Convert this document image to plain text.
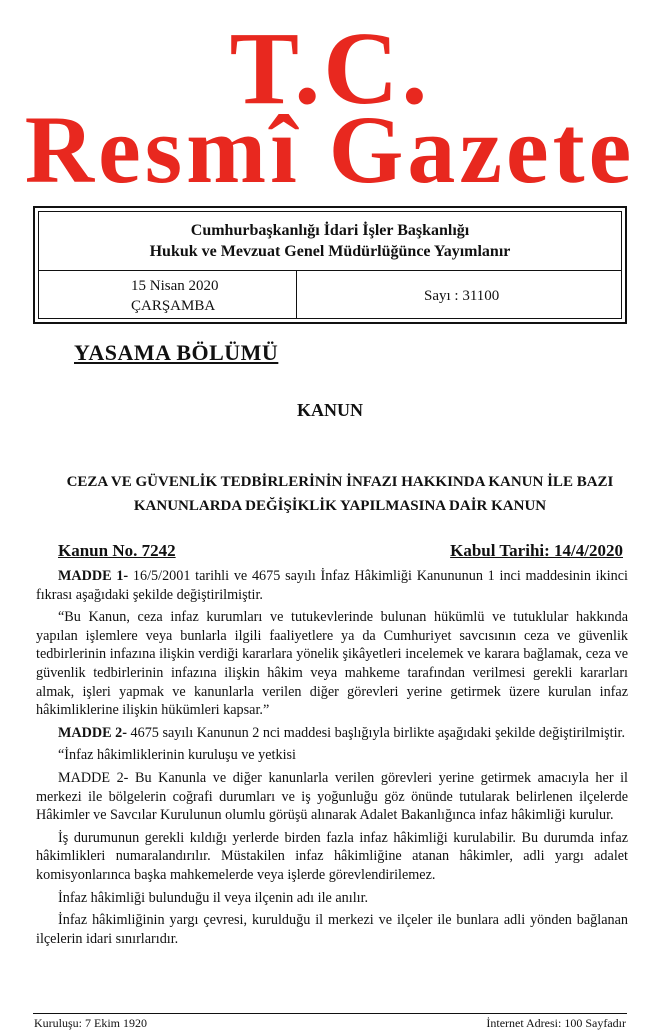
T.C.
Resmî Gazete
Cumhurbaşkanlığı İdari İşler Başkanlığı
Hukuk ve Mevzuat Genel Müdürlüğünce Yayımlanır
15 Nisan 2020
ÇARŞAMBA
Sayı : 31100
YASAMA BÖLÜMÜ
KANUN
CEZA VE GÜVENLİK TEDBİRLERİNİN İNFAZI HAKKINDA KANUN İLE BAZI
KANUNLARDA DEĞİŞİKLİK YAPILMASINA DAİR KANUN
Kanun No. 7242	Kabul Tarihi: 14/4/2020

MADDE 1- 16/5/2001 tarihli ve 4675 sayılı İnfaz Hâkimliği Kanununun 1 inci maddesinin ikinci fıkrası aşağıdaki şekilde değiştirilmiştir.

“Bu Kanun, ceza infaz kurumları ve tutukevlerinde bulunan hükümlü ve tutuklular hakkında yapılan işlemlere veya bunlarla ilgili faaliyetlere ya da Cumhuriyet savcısının ceza ve güvenlik tedbirlerinin infazına ilişkin verdiği kararlara yönelik şikâyetleri incelemek ve karara bağlamak, ceza ve güvenlik tedbirlerinin infazına ilişkin hâkim veya mahkeme tarafından verilmesi gerekli kararları almak, işleri yapmak ve kanunlarla verilen diğer görevleri yerine getirmek üzere kurulan infaz hâkimliklerine ilişkin hükümleri kapsar.”

MADDE 2- 4675 sayılı Kanunun 2 nci maddesi başlığıyla birlikte aşağıdaki şekilde değiştirilmiştir.

“İnfaz hâkimliklerinin kuruluşu ve yetkisi

MADDE 2- Bu Kanunla ve diğer kanunlarla verilen görevleri yerine getirmek amacıyla her il merkezi ile bölgelerin coğrafi durumları ve iş yoğunluğu göz önünde tutularak belirlenen ilçelerde Hâkimler ve Savcılar Kurulunun olumlu görüşü alınarak Adalet Bakanlığınca infaz hâkimliği kurulur.

İş durumunun gerekli kıldığı yerlerde birden fazla infaz hâkimliği kurulabilir. Bu durumda infaz hâkimlikleri numaralandırılır. Müstakilen infaz hâkimliğine atanan hâkimler, adli yargı adalet komisyonlarınca başka mahkemelerde veya işlerde görevlendirilemez.

İnfaz hâkimliği bulunduğu il veya ilçenin adı ile anılır.

İnfaz hâkimliğinin yargı çevresi, kurulduğu il merkezi ve ilçeler ile bunlara adli yönden bağlanan ilçelerin idari sınırlarıdır.

Kuruluşu: 7 Ekim 1920	İnternet Adresi: 100 Sayfadır
